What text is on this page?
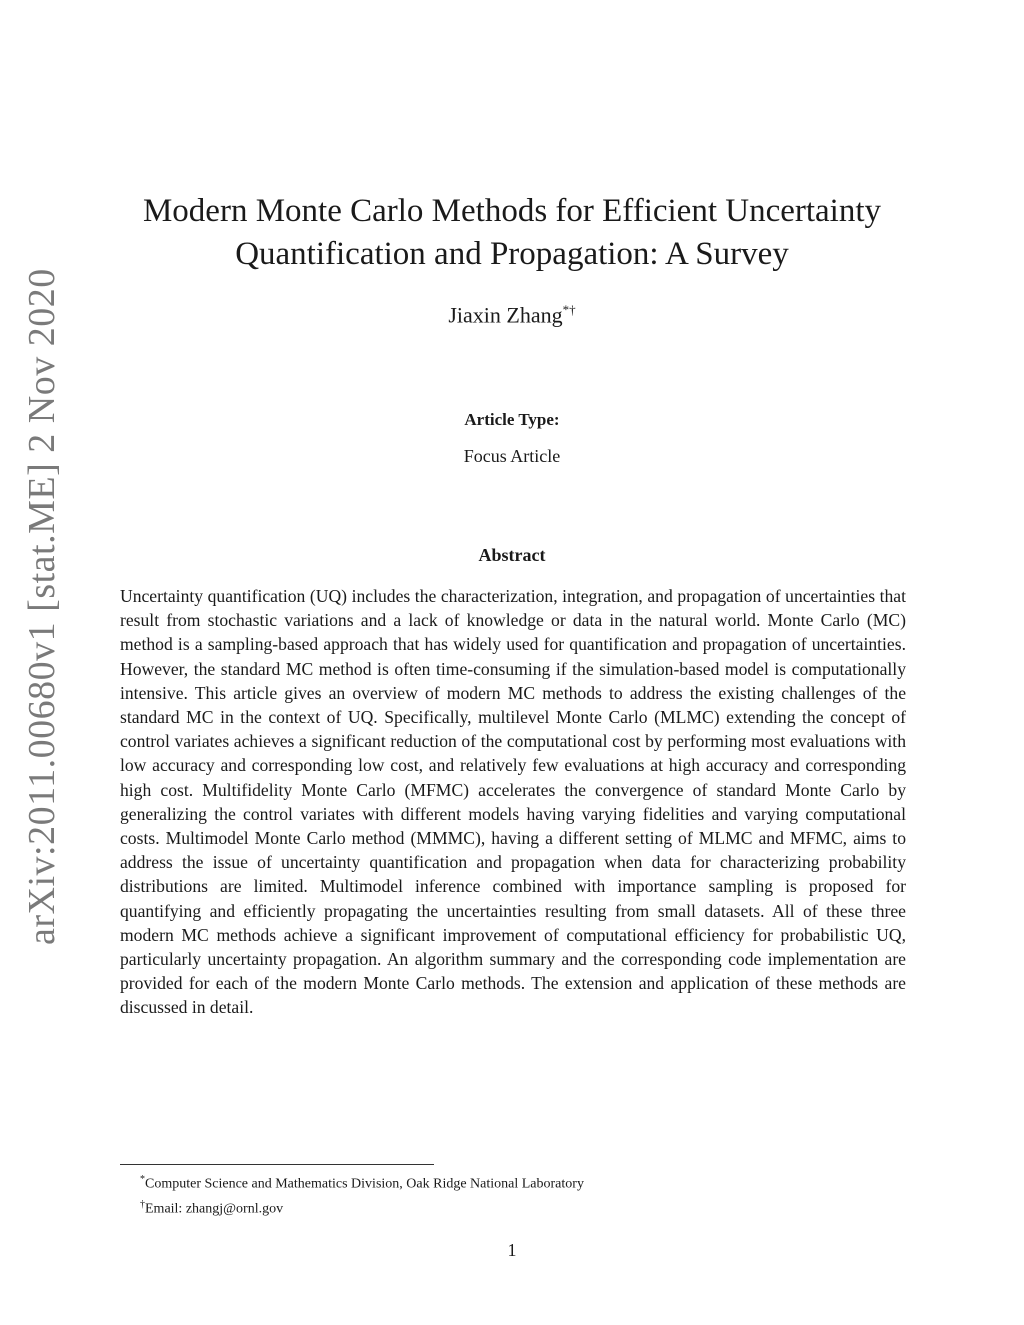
arXiv:2011.00680v1 [stat.ME] 2 Nov 2020
Modern Monte Carlo Methods for Efficient Uncertainty
Quantification and Propagation: A Survey
Jiaxin Zhang*†
Article Type:
Focus Article
Abstract

Uncertainty quantification (UQ) includes the characterization, integration, and propagation of uncertainties that result from stochastic variations and a lack of knowledge or data in the natural world. Monte Carlo (MC) method is a sampling-based approach that has widely used for quantification and propagation of uncertainties. However, the standard MC method is often time-consuming if the simulation-based model is computationally intensive. This article gives an overview of modern MC methods to address the existing challenges of the standard MC in the context of UQ. Specifically, multilevel Monte Carlo (MLMC) extending the concept of control variates achieves a significant reduction of the computational cost by performing most evaluations with low accuracy and corresponding low cost, and relatively few evaluations at high accuracy and corresponding high cost. Multifidelity Monte Carlo (MFMC) accelerates the convergence of standard Monte Carlo by generalizing the control variates with different models having varying fidelities and varying computational costs. Multimodel Monte Carlo method (MMMC), having a different setting of MLMC and MFMC, aims to address the issue of uncertainty quantification and propagation when data for characterizing probability distributions are limited. Multimodel inference combined with importance sampling is proposed for quantifying and efficiently propagating the uncertainties resulting from small datasets. All of these three modern MC methods achieve a significant improvement of computational efficiency for probabilistic UQ, particularly uncertainty propagation. An algorithm summary and the corresponding code implementation are provided for each of the modern Monte Carlo methods. The extension and application of these methods are discussed in detail.

*Computer Science and Mathematics Division, Oak Ridge National Laboratory
†Email: zhangj@ornl.gov
1
